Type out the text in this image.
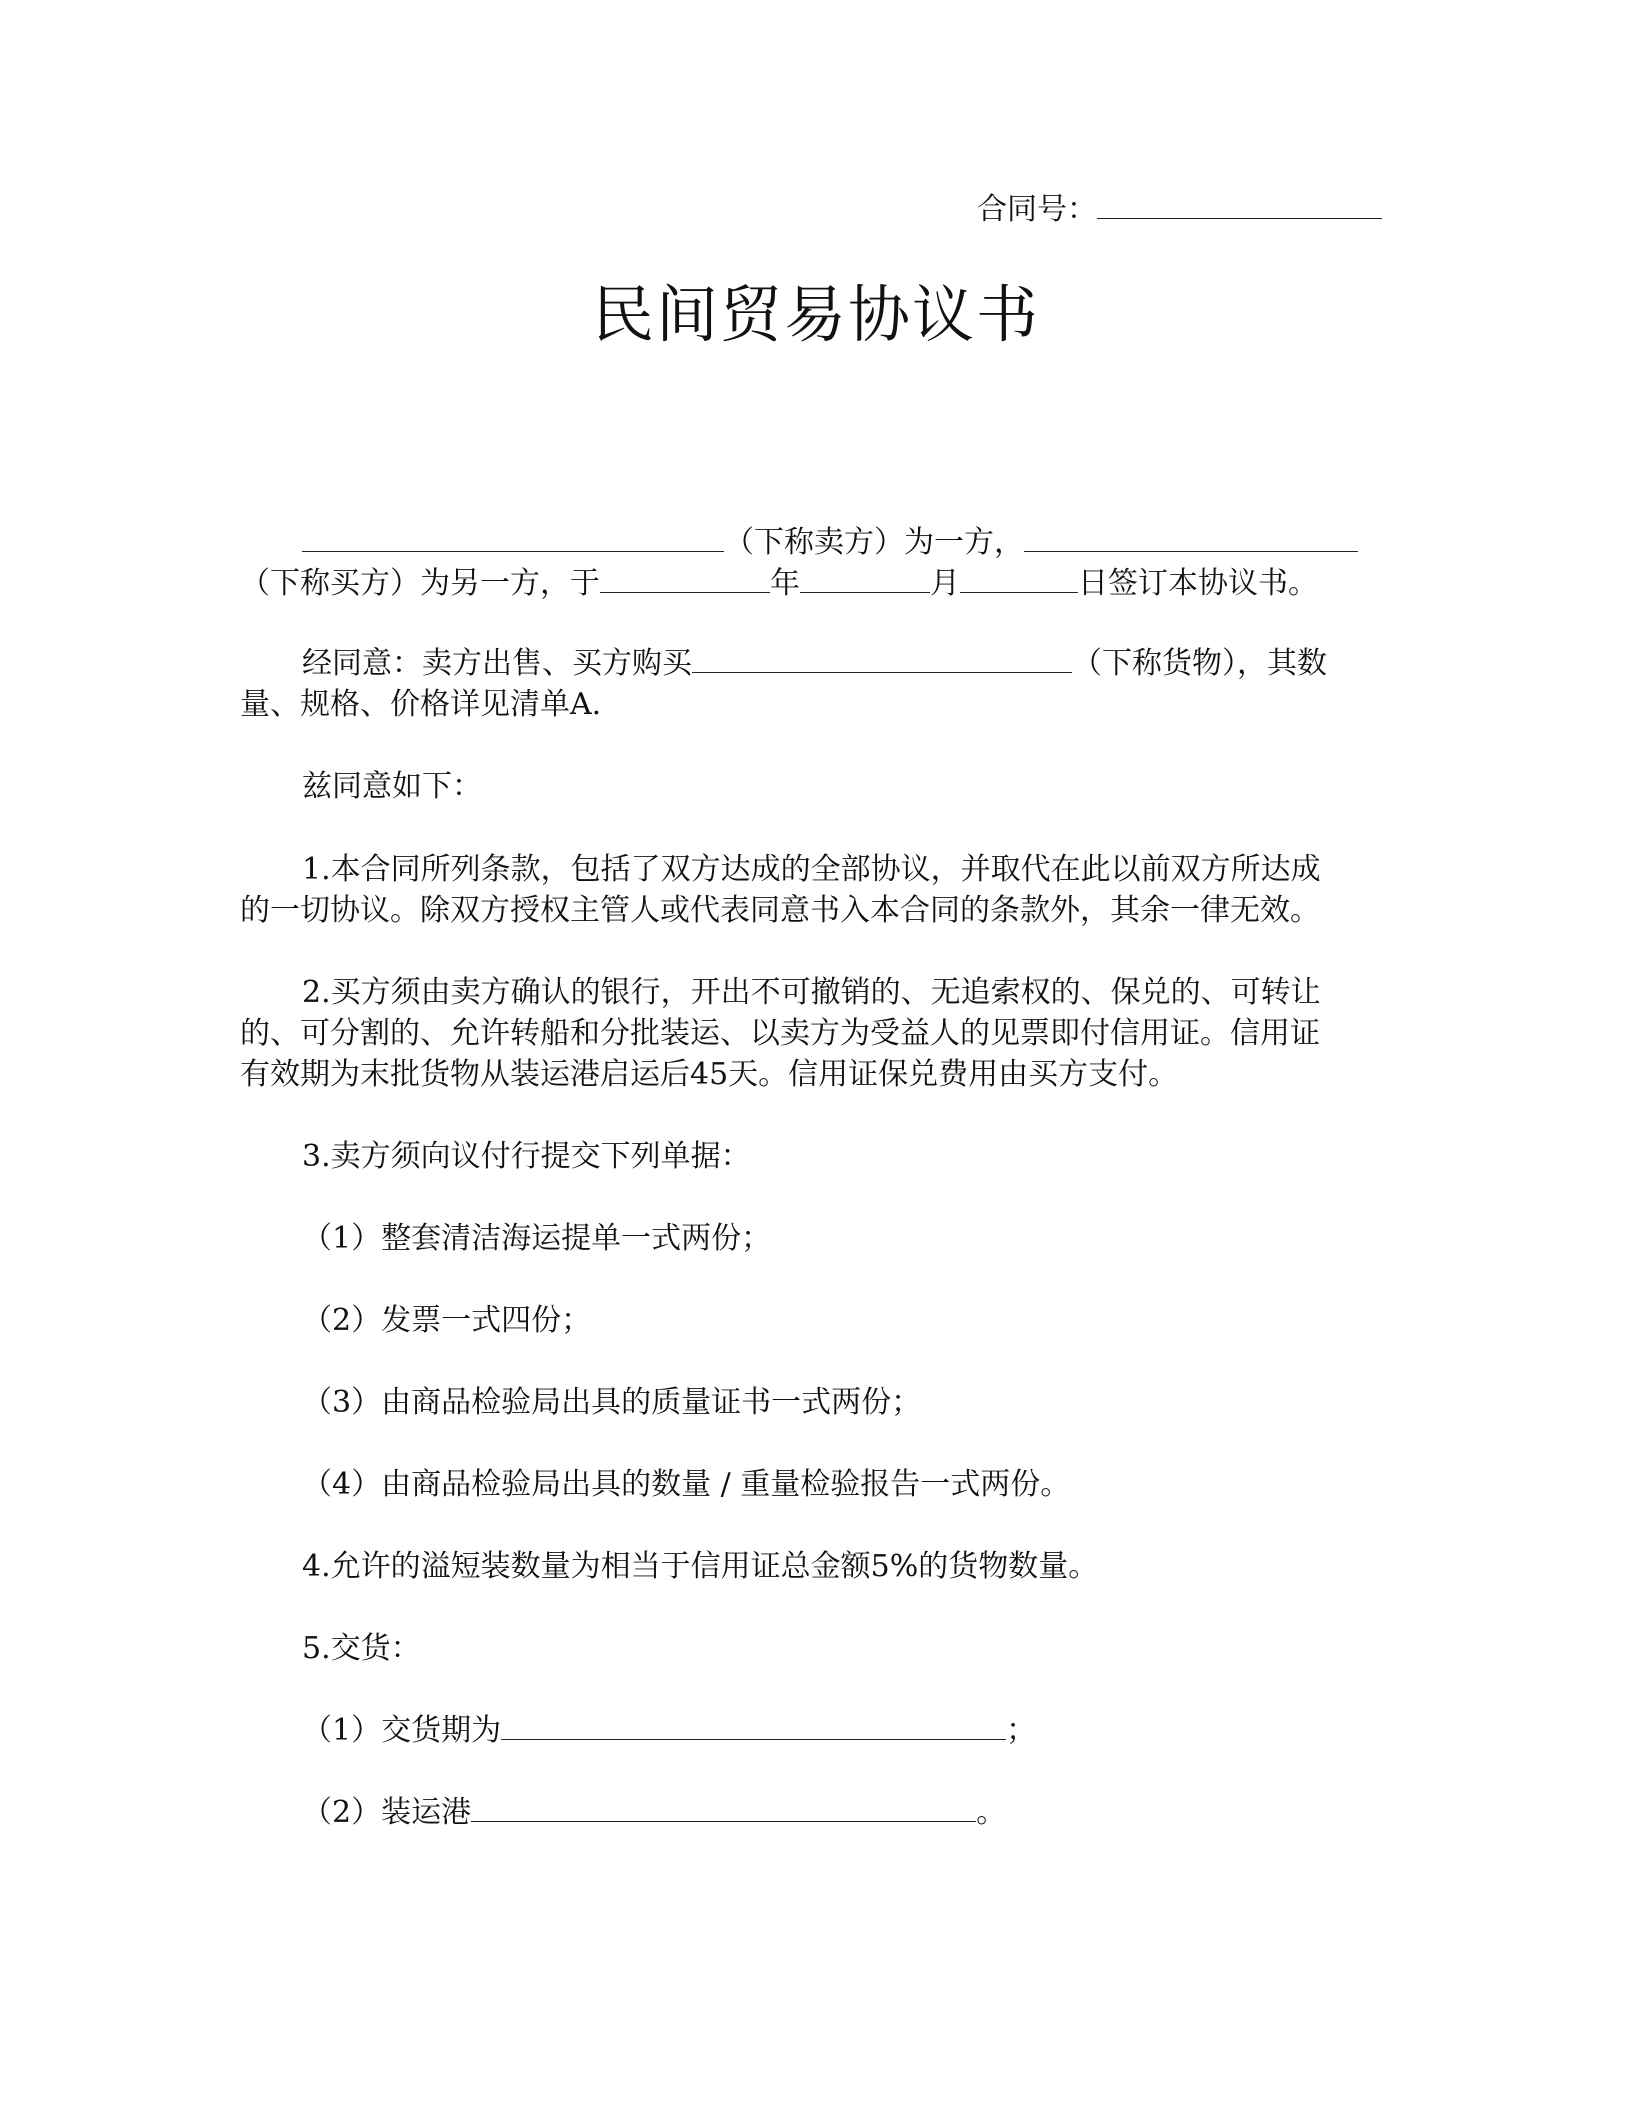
合同号：
民间贸易协议书
（下称卖方）为一方，
（下称买方）为另一方，于	年	月	日签订本协议书。
经同意：卖方出售、买方购买	（下称货物），其数
量、规格、价格详见清单A.
兹同意如下：
1.本合同所列条款，包括了双方达成的全部协议，并取代在此以前双方所达成
的一切协议。除双方授权主管人或代表同意书入本合同的条款外，其余一律无效。
2.买方须由卖方确认的银行，开出不可撤销的、无追索权的、保兑的、可转让
的、可分割的、允许转船和分批装运、以卖方为受益人的见票即付信用证。信用证
有效期为末批货物从装运港启运后45天。信用证保兑费用由买方支付。
3.卖方须向议付行提交下列单据：
（1）整套清洁海运提单一式两份；
（2）发票一式四份；
（3）由商品检验局出具的质量证书一式两份；
（4）由商品检验局出具的数量 / 重量检验报告一式两份。
4.允许的溢短装数量为相当于信用证总金额5%的货物数量。
5.交货：
（1）交货期为	；
（2）装运港	。
